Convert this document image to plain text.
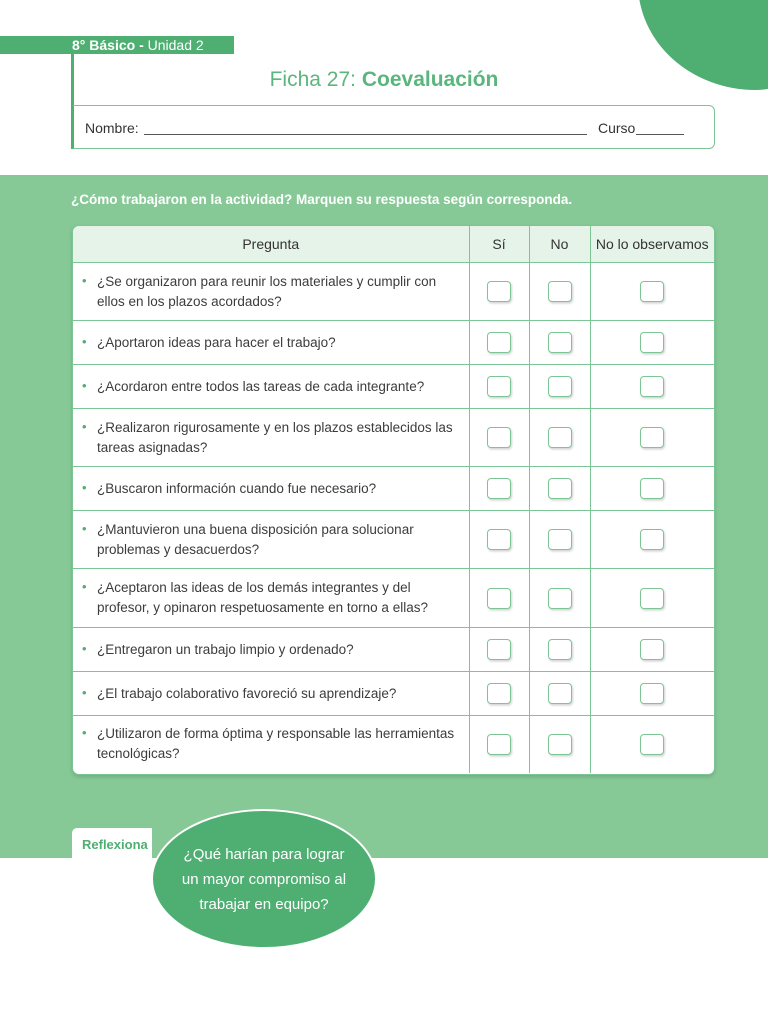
8° Básico - Unidad 2
Ficha 27: Coevaluación
Nombre:	Curso
¿Cómo trabajaron en la actividad? Marquen su respuesta según corresponda.
Pregunta	Sí	No	No lo observamos
• ¿Se organizaron para reunir los materiales y cumplir con ellos en los plazos acordados?			
• ¿Aportaron ideas para hacer el trabajo?			
• ¿Acordaron entre todos las tareas de cada integrante?			
• ¿Realizaron rigurosamente y en los plazos establecidos las tareas asignadas?			
• ¿Buscaron información cuando fue necesario?			
• ¿Mantuvieron una buena disposición para solucionar problemas y desacuerdos?			
• ¿Aceptaron las ideas de los demás integrantes y del profesor, y opinaron respetuosamente en torno a ellas?			
• ¿Entregaron un trabajo limpio y ordenado?			
• ¿El trabajo colaborativo favoreció su aprendizaje?			
• ¿Utilizaron de forma óptima y responsable las herramientas tecnológicas?			
Reflexiona
¿Qué harían para lograr un mayor compromiso al trabajar en equipo?
